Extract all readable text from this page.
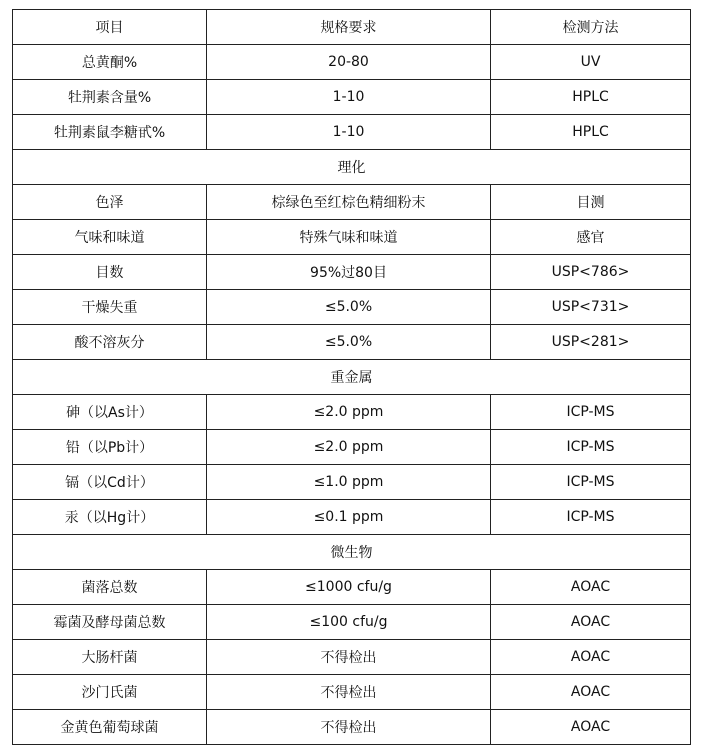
项目	规格要求	检测方法
总黄酮%	20-80	UV
牡荆素含量%	1-10	HPLC
牡荆素鼠李糖甙%	1-10	HPLC
理化		
色泽	棕绿色至红棕色精细粉末	目测
气味和味道	特殊气味和味道	感官
目数	95%过80目	USP<786>
干燥失重	≤5.0%	USP<731>
酸不溶灰分	≤5.0%	USP<281>
重金属		
砷（以As计）	≤2.0 ppm	ICP-MS
铅（以Pb计）	≤2.0 ppm	ICP-MS
镉（以Cd计）	≤1.0 ppm	ICP-MS
汞（以Hg计）	≤0.1 ppm	ICP-MS
微生物		
菌落总数	≤1000 cfu/g	AOAC
霉菌及酵母菌总数	≤100 cfu/g	AOAC
大肠杆菌	不得检出	AOAC
沙门氏菌	不得检出	AOAC
金黄色葡萄球菌	不得检出	AOAC
